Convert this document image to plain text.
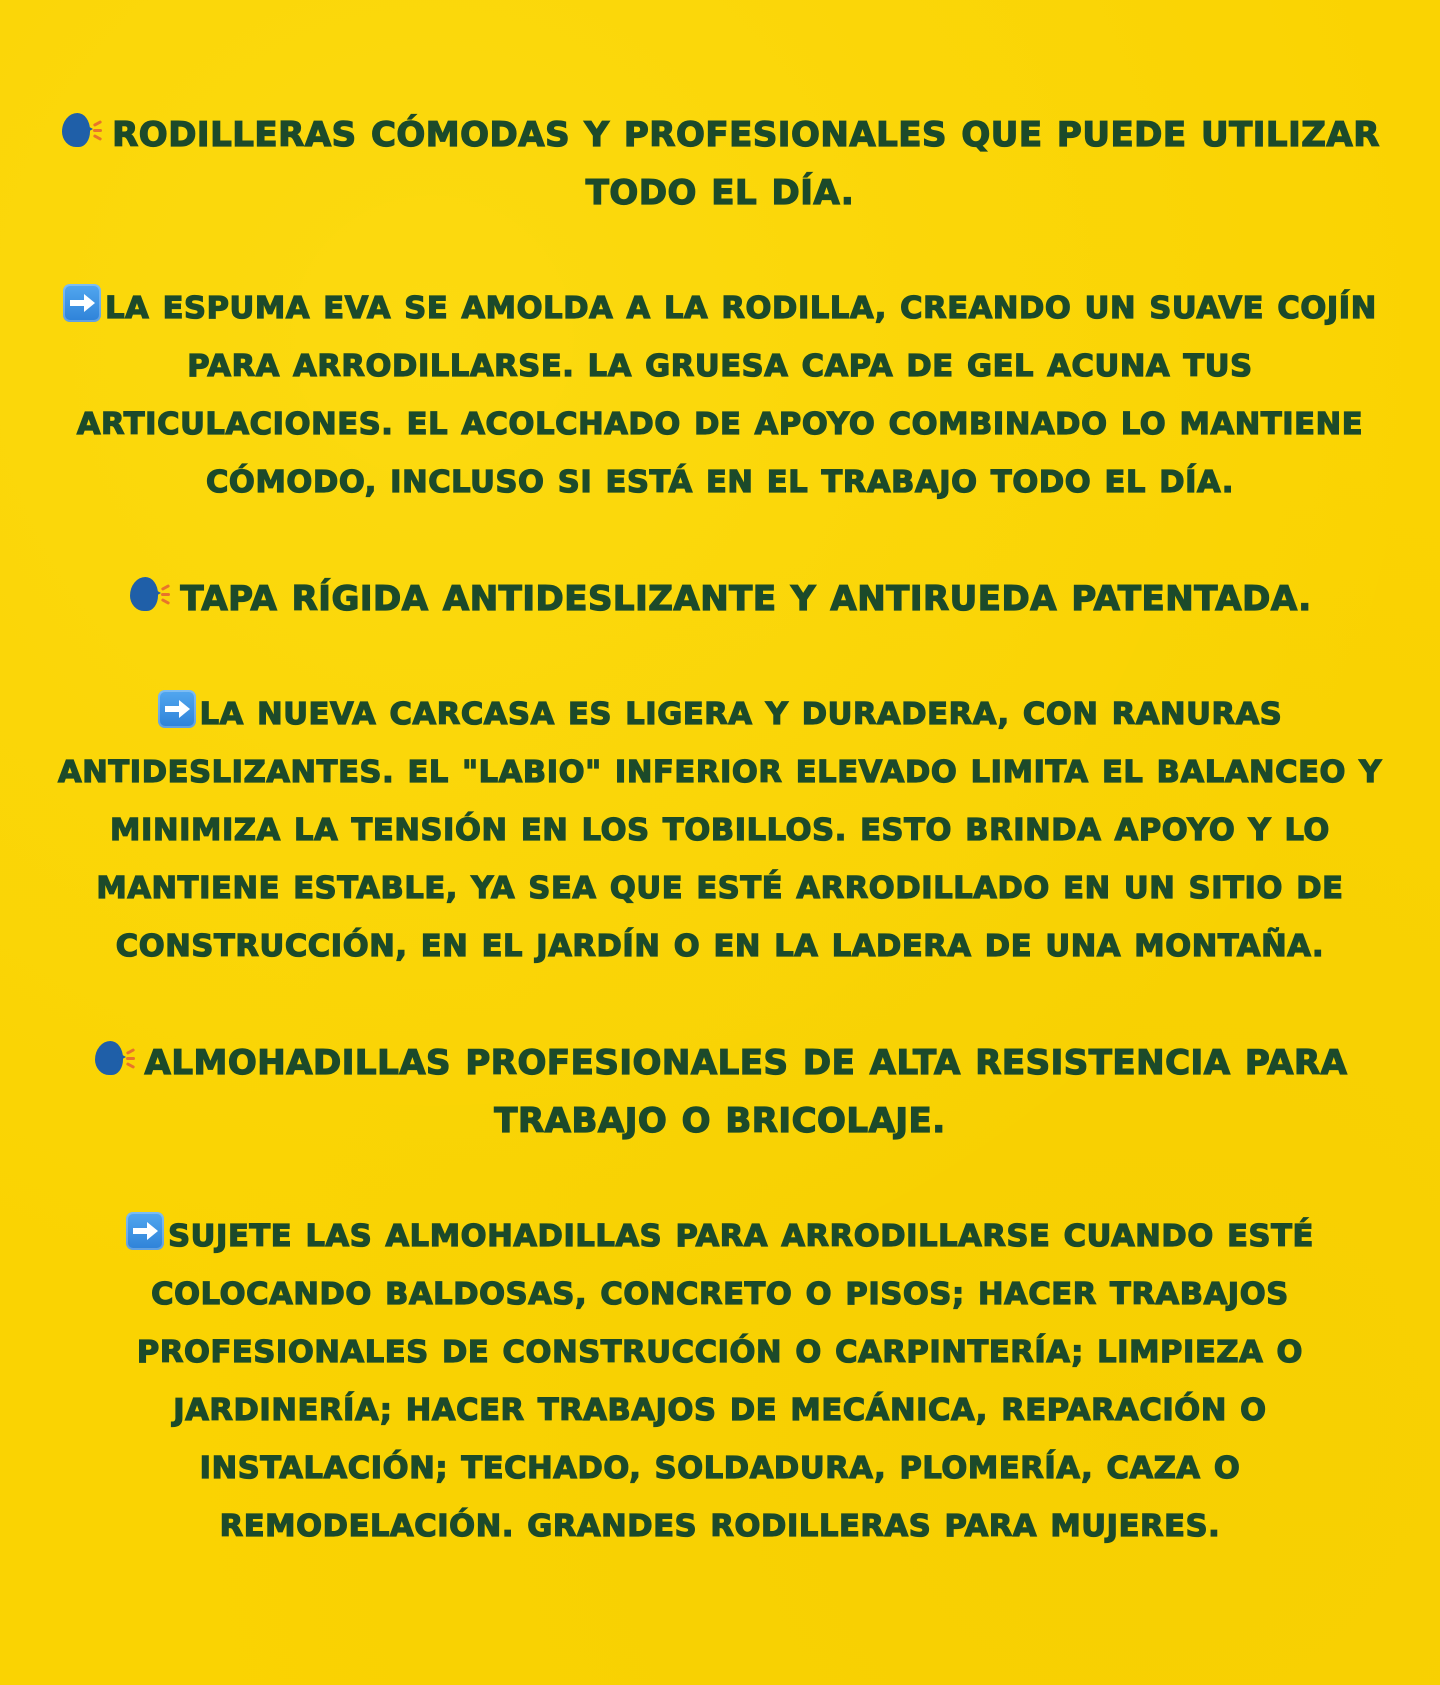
RODILLERAS CÓMODAS Y PROFESIONALES QUE PUEDE UTILIZAR TODO EL DÍA.

LA ESPUMA EVA SE AMOLDA A LA RODILLA, CREANDO UN SUAVE COJÍN PARA ARRODILLARSE. LA GRUESA CAPA DE GEL ACUNA TUS ARTICULACIONES. EL ACOLCHADO DE APOYO COMBINADO LO MANTIENE CÓMODO, INCLUSO SI ESTÁ EN EL TRABAJO TODO EL DÍA.

TAPA RÍGIDA ANTIDESLIZANTE Y ANTIRUEDA PATENTADA.

LA NUEVA CARCASA ES LIGERA Y DURADERA, CON RANURAS ANTIDESLIZANTES. EL "LABIO" INFERIOR ELEVADO LIMITA EL BALANCEO Y MINIMIZA LA TENSIÓN EN LOS TOBILLOS. ESTO BRINDA APOYO Y LO MANTIENE ESTABLE, YA SEA QUE ESTÉ ARRODILLADO EN UN SITIO DE CONSTRUCCIÓN, EN EL JARDÍN O EN LA LADERA DE UNA MONTAÑA.

ALMOHADILLAS PROFESIONALES DE ALTA RESISTENCIA PARA TRABAJO O BRICOLAJE.

SUJETE LAS ALMOHADILLAS PARA ARRODILLARSE CUANDO ESTÉ COLOCANDO BALDOSAS, CONCRETO O PISOS; HACER TRABAJOS PROFESIONALES DE CONSTRUCCIÓN O CARPINTERÍA; LIMPIEZA O JARDINERÍA; HACER TRABAJOS DE MECÁNICA, REPARACIÓN O INSTALACIÓN; TECHADO, SOLDADURA, PLOMERÍA, CAZA O REMODELACIÓN. GRANDES RODILLERAS PARA MUJERES.
